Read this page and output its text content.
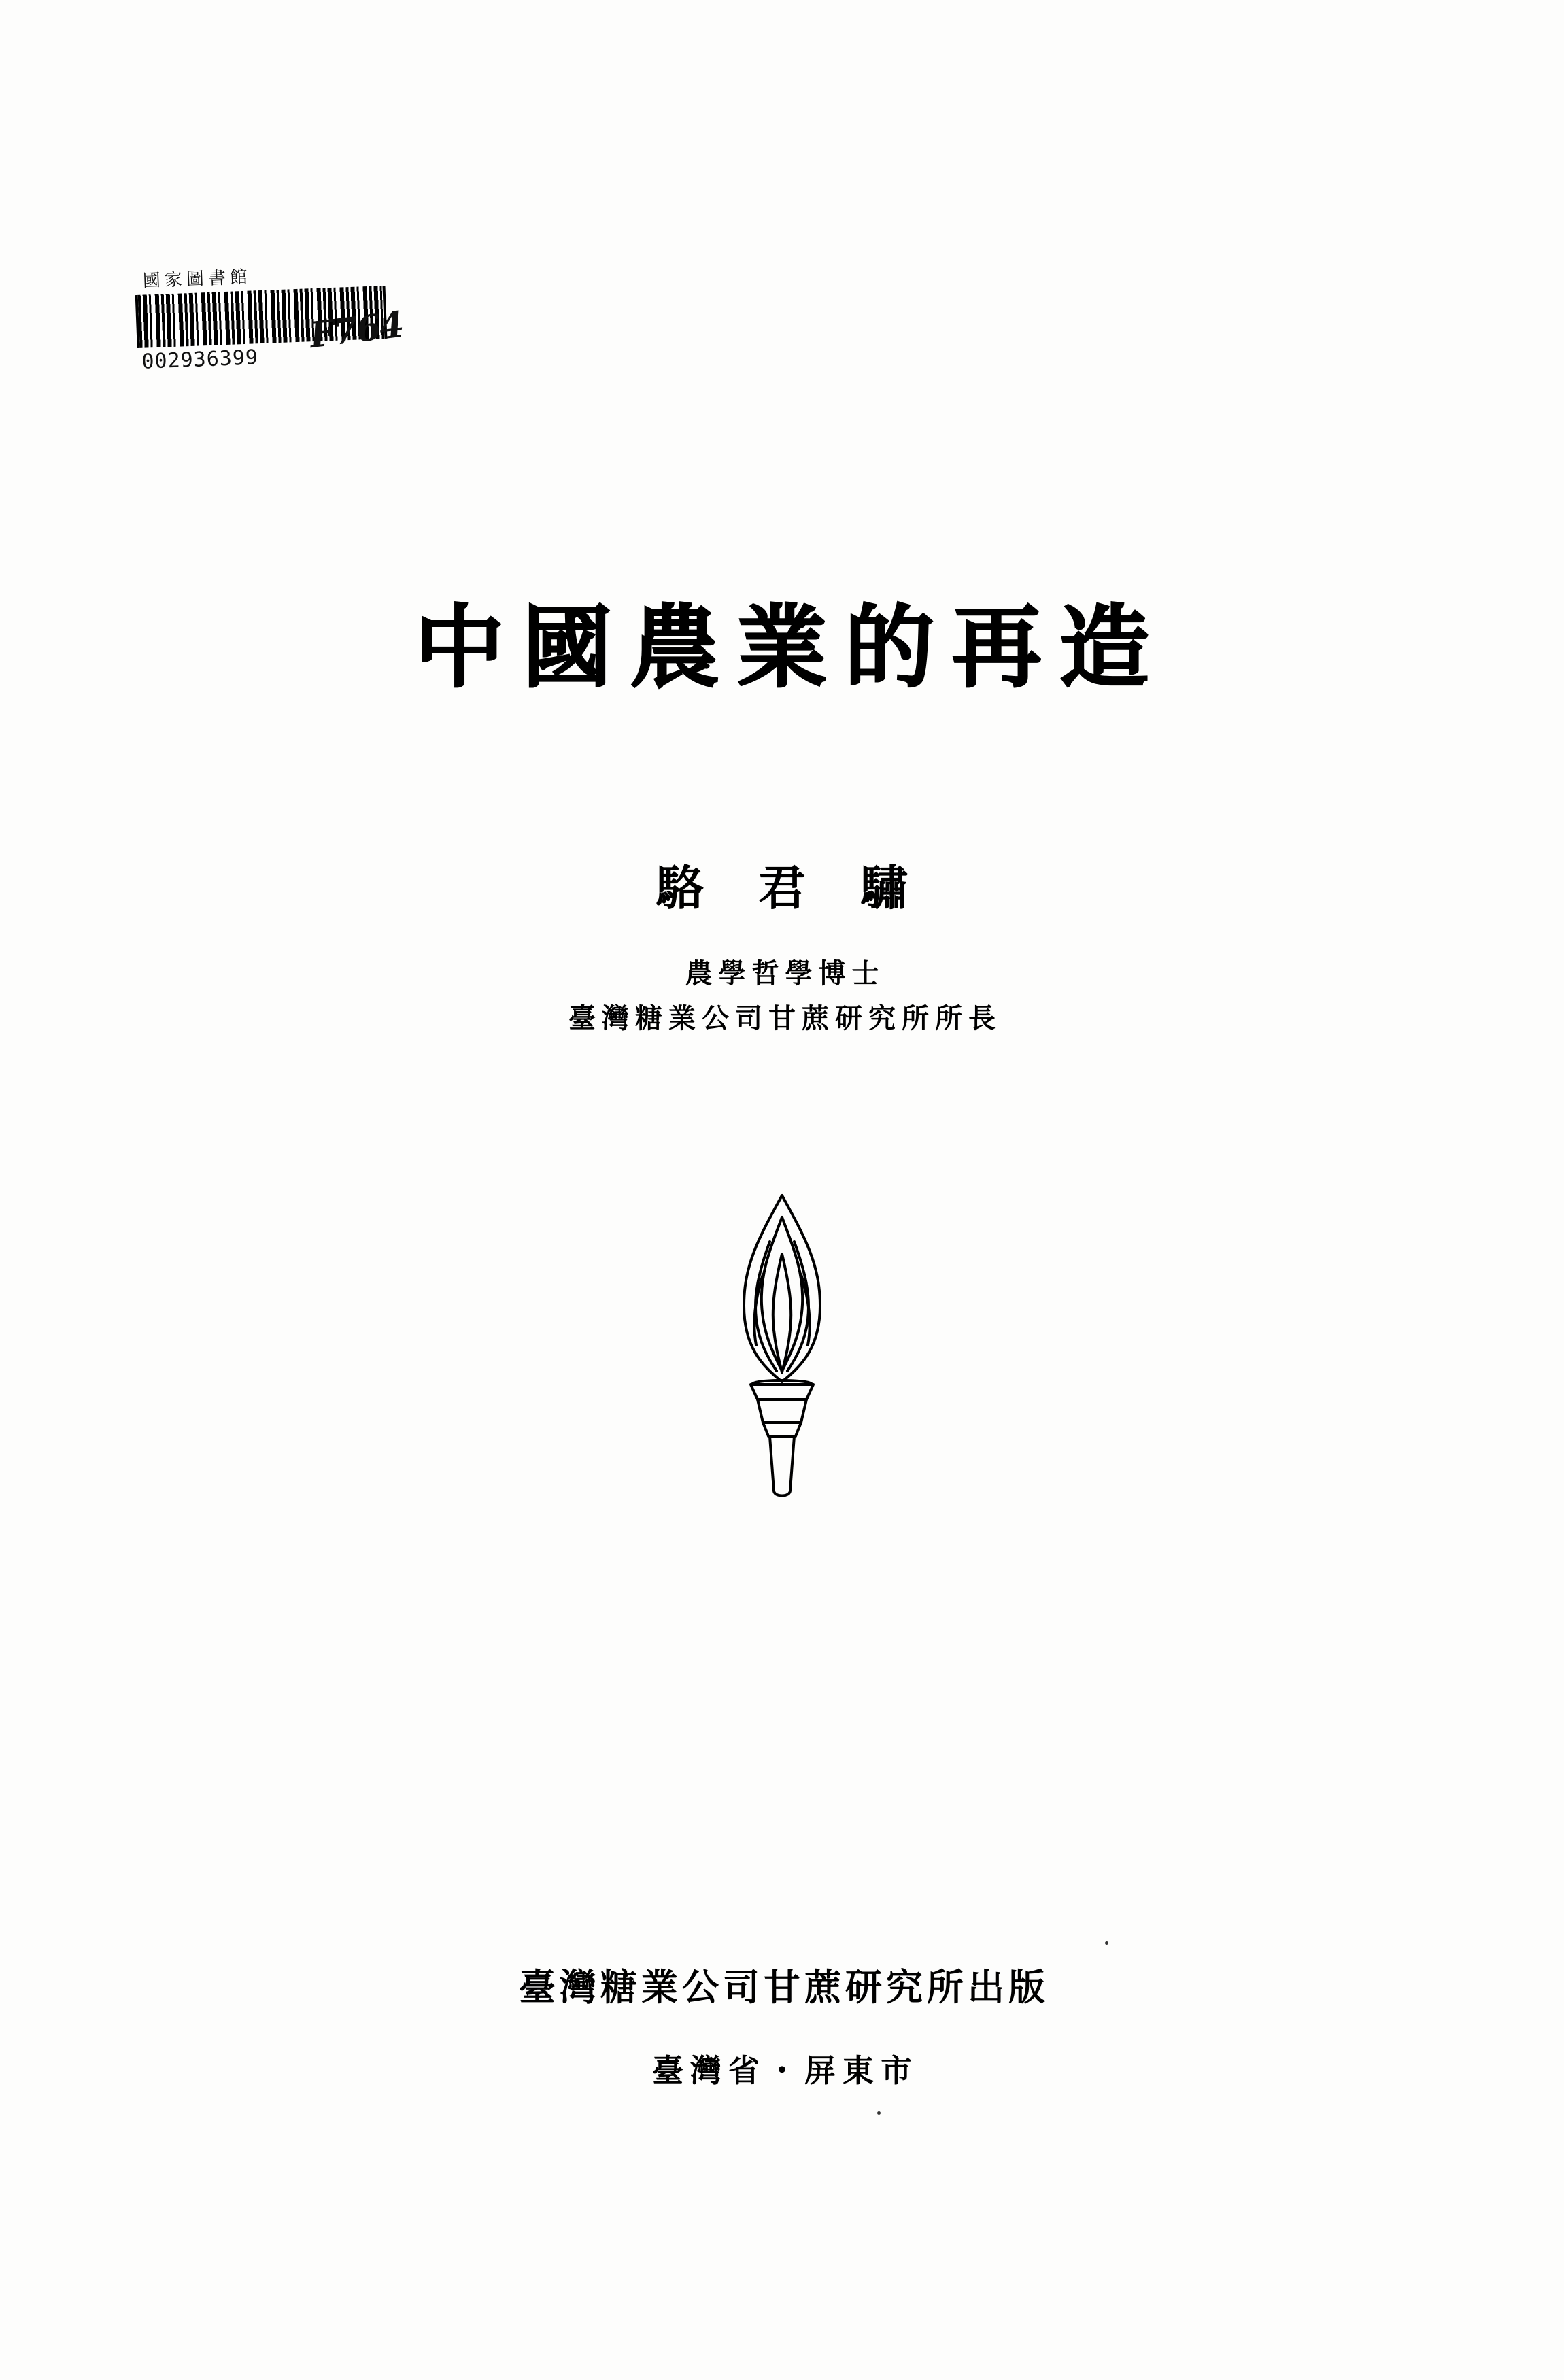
國家圖書館
002936399
F764
中國農業的再造
駱 君 驌
農學哲學博士
臺灣糖業公司甘蔗研究所所長
臺灣糖業公司甘蔗研究所出版
臺灣省・屏東市
